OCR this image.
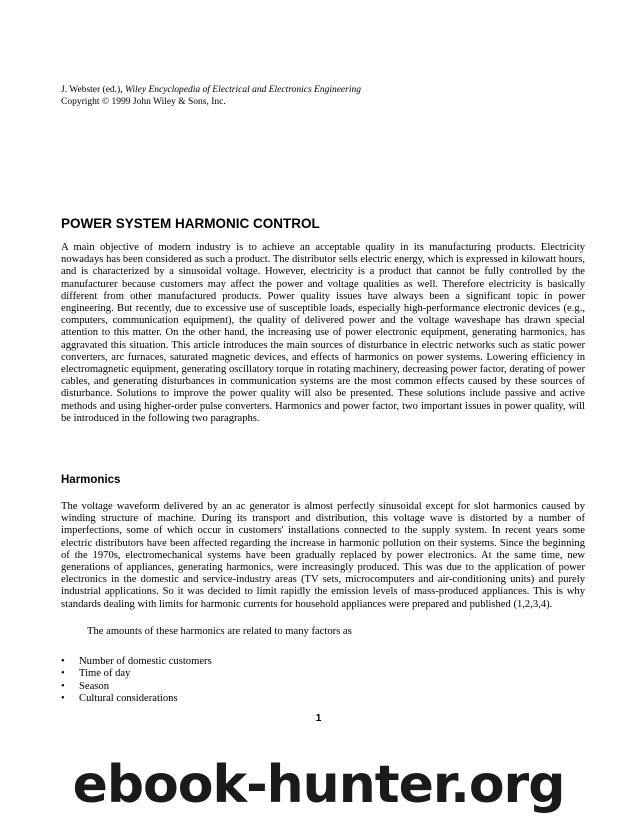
J. Webster (ed.), Wiley Encyclopedia of Electrical and Electronics Engineering
Copyright © 1999 John Wiley & Sons, Inc.
POWER SYSTEM HARMONIC CONTROL

A main objective of modern industry is to achieve an acceptable quality in its manufacturing products. Electricity nowadays has been considered as such a product. The distributor sells electric energy, which is expressed in kilowatt hours, and is characterized by a sinusoidal voltage. However, electricity is a product that cannot be fully controlled by the manufacturer because customers may affect the power and voltage qualities as well. Therefore electricity is basically different from other manufactured products. Power quality issues have always been a significant topic in power engineering. But recently, due to excessive use of susceptible loads, especially high-performance electronic devices (e.g., computers, communication equipment), the quality of delivered power and the voltage waveshape has drawn special attention to this matter. On the other hand, the increasing use of power electronic equipment, generating harmonics, has aggravated this situation. This article introduces the main sources of disturbance in electric networks such as static power converters, arc furnaces, saturated magnetic devices, and effects of harmonics on power systems. Lowering efficiency in electromagnetic equipment, generating oscillatory torque in rotating machinery, decreasing power factor, derating of power cables, and generating disturbances in communication systems are the most common effects caused by these sources of disturbance. Solutions to improve the power quality will also be presented. These solutions include passive and active methods and using higher-order pulse converters. Harmonics and power factor, two important issues in power quality, will be introduced in the following two paragraphs.

Harmonics

The voltage waveform delivered by an ac generator is almost perfectly sinusoidal except for slot harmonics caused by winding structure of machine. During its transport and distribution, this voltage wave is distorted by a number of imperfections, some of which occur in customers' installations connected to the supply system. In recent years some electric distributors have been affected regarding the increase in harmonic pollution on their systems. Since the beginning of the 1970s, electromechanical systems have been gradually replaced by power electronics. At the same time, new generations of appliances, generating harmonics, were increasingly produced. This was due to the application of power electronics in the domestic and service-industry areas (TV sets, microcomputers and air-conditioning units) and purely industrial applications. So it was decided to limit rapidly the emission levels of mass-produced appliances. This is why standards dealing with limits for harmonic currents for household appliances were prepared and published (1,2,3,4).

The amounts of these harmonics are related to many factors as

• Number of domestic customers
• Time of day
• Season
• Cultural considerations
1
ebook-hunter.org
